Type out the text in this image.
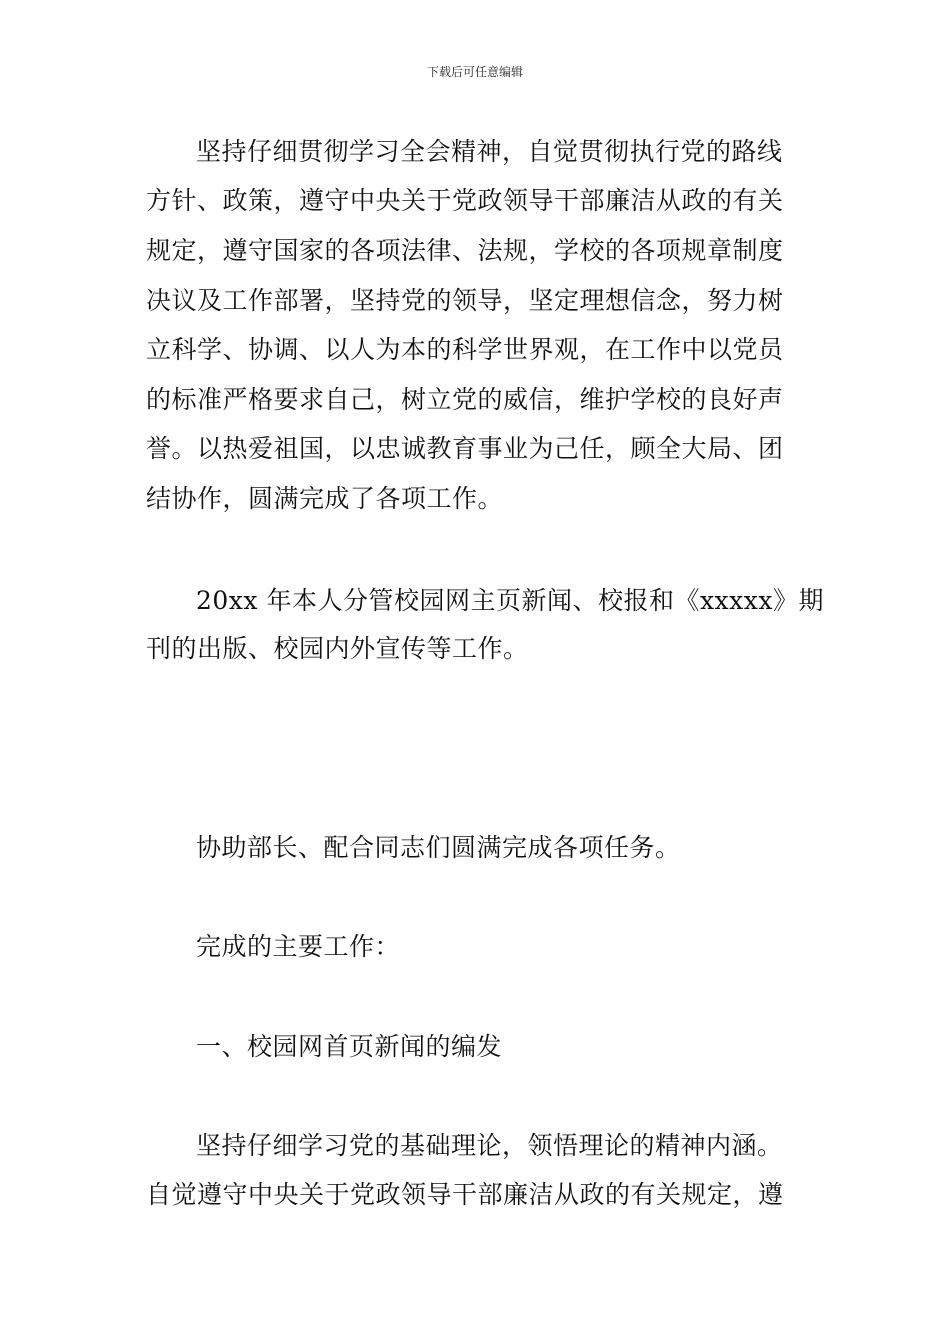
下载后可任意编辑
坚持仔细贯彻学习全会精神，自觉贯彻执行党的路线
方针、政策，遵守中央关于党政领导干部廉洁从政的有关
规定，遵守国家的各项法律、法规，学校的各项规章制度
决议及工作部署，坚持党的领导，坚定理想信念，努力树
立科学、协调、以人为本的科学世界观，在工作中以党员
的标准严格要求自己，树立党的威信，维护学校的良好声
誉。以热爱祖国，以忠诚教育事业为己任，顾全大局、团
结协作，圆满完成了各项工作。
20xx 年本人分管校园网主页新闻、校报和《xxxxx》期
刊的出版、校园内外宣传等工作。
协助部长、配合同志们圆满完成各项任务。
完成的主要工作：
一、校园网首页新闻的编发
坚持仔细学习党的基础理论，领悟理论的精神内涵。
自觉遵守中央关于党政领导干部廉洁从政的有关规定，遵
